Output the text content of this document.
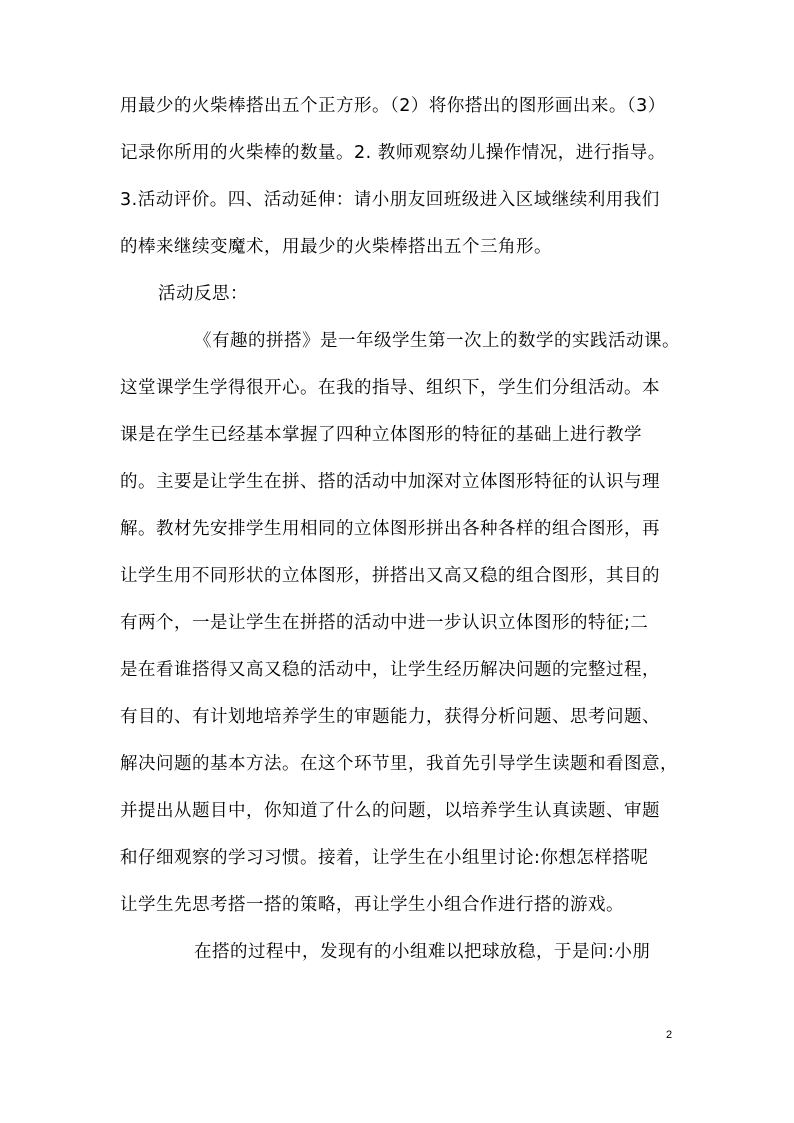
用最少的火柴棒搭出五个正方形。（2）将你搭出的图形画出来。（3）
记录你所用的火柴棒的数量。2. 教师观察幼儿操作情况，进行指导。
3.活动评价。四、活动延伸：请小朋友回班级进入区域继续利用我们
的棒来继续变魔术，用最少的火柴棒搭出五个三角形。
活动反思：
《有趣的拼搭》是一年级学生第一次上的数学的实践活动课。
这堂课学生学得很开心。在我的指导、组织下，学生们分组活动。本
课是在学生已经基本掌握了四种立体图形的特征的基础上进行教学
的。主要是让学生在拼、搭的活动中加深对立体图形特征的认识与理
解。教材先安排学生用相同的立体图形拼出各种各样的组合图形，再
让学生用不同形状的立体图形，拼搭出又高又稳的组合图形，其目的
有两个，一是让学生在拼搭的活动中进一步认识立体图形的特征;二
是在看谁搭得又高又稳的活动中，让学生经历解决问题的完整过程，
有目的、有计划地培养学生的审题能力，获得分析问题、思考问题、
解决问题的基本方法。在这个环节里，我首先引导学生读题和看图意，
并提出从题目中，你知道了什么的问题，以培养学生认真读题、审题
和仔细观察的学习习惯。接着，让学生在小组里讨论:你想怎样搭呢
让学生先思考搭一搭的策略，再让学生小组合作进行搭的游戏。
在搭的过程中，发现有的小组难以把球放稳，于是问:小朋
2
